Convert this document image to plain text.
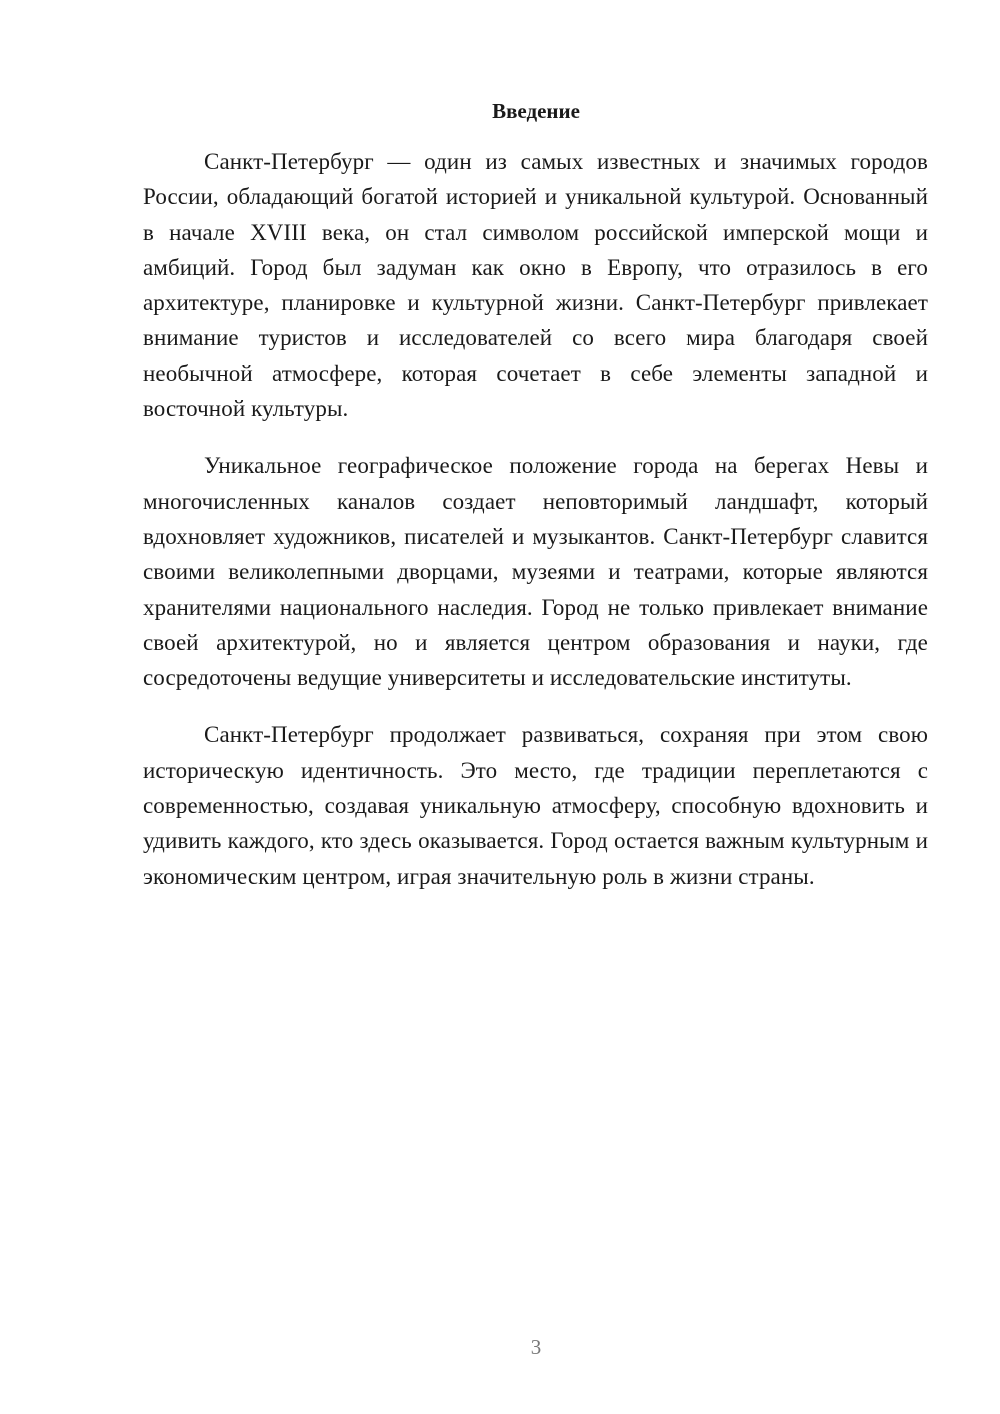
Введение

Санкт-Петербург — один из самых известных и значимых городов России, обладающий богатой историей и уникальной культурой. Основанный в начале XVIII века, он стал символом российской имперской мощи и амбиций. Город был задуман как окно в Европу, что отразилось в его архитектуре, планировке и культурной жизни. Санкт-Петербург привлекает внимание туристов и исследователей со всего мира благодаря своей необычной атмосфере, которая сочетает в себе элементы западной и восточной культуры.

Уникальное географическое положение города на берегах Невы и многочисленных каналов создает неповторимый ландшафт, который вдохновляет художников, писателей и музыкантов. Санкт-Петербург славится своими великолепными дворцами, музеями и театрами, которые являются хранителями национального наследия. Город не только привлекает внимание своей архитектурой, но и является центром образования и науки, где сосредоточены ведущие университеты и исследовательские институты.

Санкт-Петербург продолжает развиваться, сохраняя при этом свою историческую идентичность. Это место, где традиции переплетаются с современностью, создавая уникальную атмосферу, способную вдохновить и удивить каждого, кто здесь оказывается. Город остается важным культурным и экономическим центром, играя значительную роль в жизни страны.

3
